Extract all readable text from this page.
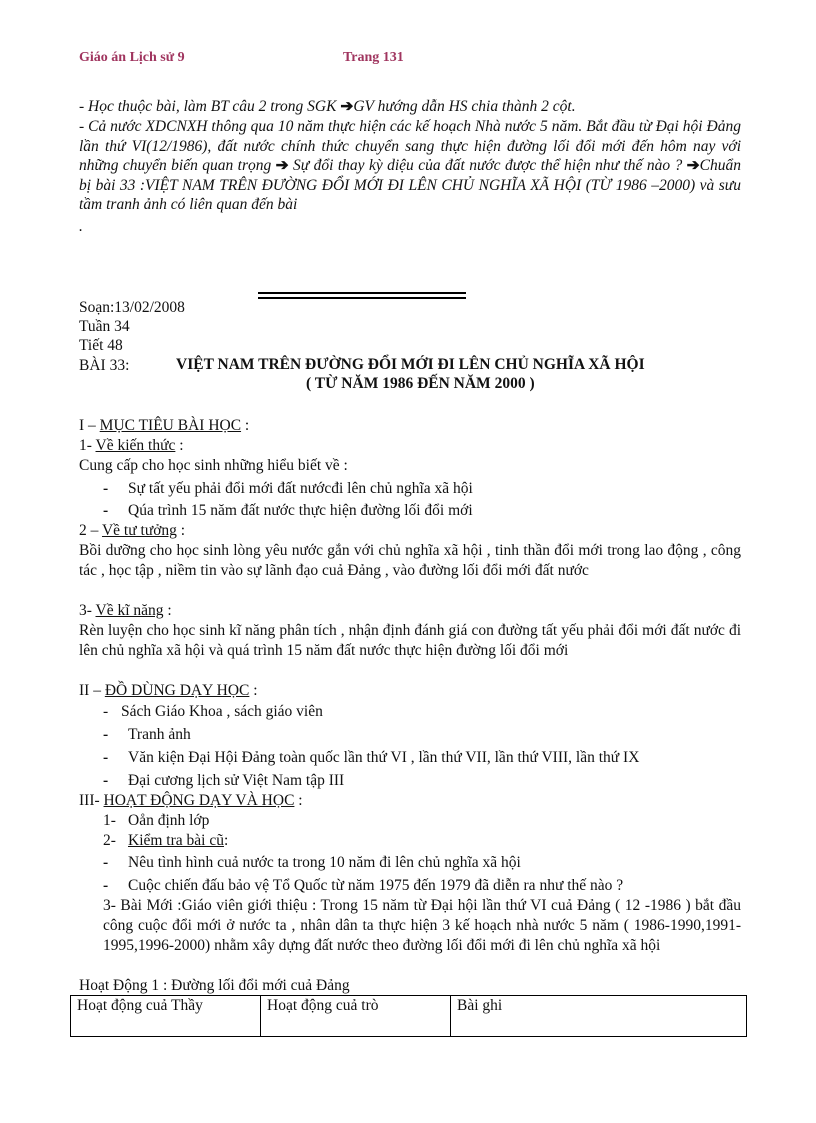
Giáo án Lịch sử 9	Trang 131
- Học thuộc bài, làm BT câu 2 trong SGK ➔GV hướng dẫn HS chia thành 2 cột.
- Cả nước XDCNXH thông qua 10 năm thực hiện các kế hoạch Nhà nước 5 năm. Bắt đầu từ Đại hội Đảng lần thứ VI(12/1986), đất nước chính thức chuyển sang thực hiện đường lối đổi mới đến hôm nay với những chuyển biến quan trọng ➔ Sự đổi thay kỳ diệu của đất nước được thể hiện như thế nào ? ➔Chuẩn bị bài 33 :VIỆT NAM TRÊN ĐƯỜNG ĐỔI MỚI ĐI LÊN CHỦ NGHĨA XÃ HỘI (TỪ 1986 –2000) và sưu tầm tranh ảnh có liên quan đến bài
.
Soạn:13/02/2008
Tuần 34
Tiết 48
BÀI 33:	VIỆT NAM TRÊN ĐƯỜNG ĐỔI MỚI ĐI LÊN CHỦ NGHĨA XÃ HỘI
( TỪ NĂM 1986 ĐẾN NĂM 2000 )
I – MỤC TIÊU BÀI HỌC :
1- Về kiến thức :
Cung cấp cho học sinh những hiểu biết về :
- Sự tất yếu phải đổi mới đất nướcđi lên chủ nghĩa xã hội
- Qúa trình 15 năm đất nước thực hiện đường lối đổi mới
2 – Về tư tưởng :
Bồi dưỡng cho học sinh lòng yêu nước gắn với chủ nghĩa xã hội , tinh thần đổi mới trong lao động , công tác , học tập , niềm tin vào sự lãnh đạo cuả Đảng , vào đường lối đổi mới đất nước
3- Về kĩ năng :
Rèn luyện cho học sinh kĩ năng phân tích , nhận định đánh giá con đường tất yếu phải đổi mới đất nước đi lên chủ nghĩa xã hội và quá trình 15 năm đất nước thực hiện đường lối đổi mới
II – ĐỒ DÙNG DẠY HỌC :
- Sách Giáo Khoa , sách giáo viên
- Tranh ảnh
- Văn kiện Đại Hội Đảng toàn quốc lần thứ VI , lần thứ VII, lần thứ VIII, lần thứ IX
- Đại cương lịch sử Việt Nam tập III
III- HOẠT ĐỘNG DẠY VÀ HỌC :
1- Oån định lớp
2- Kiểm tra bài cũ:
- Nêu tình hình cuả nước ta trong 10 năm đi lên chủ nghĩa xã hội
- Cuộc chiến đấu bảo vệ Tổ Quốc từ năm 1975 đến 1979 đã diễn ra như thế nào ?
3- Bài Mới :Giáo viên giới thiệu : Trong 15 năm từ Đại hội lần thứ VI cuả Đảng ( 12 -1986 ) bắt đầu công cuộc đổi mới ở nước ta , nhân dân ta thực hiện 3 kế hoạch nhà nước 5 năm ( 1986-1990,1991-1995,1996-2000) nhằm xây dựng đất nước theo đường lối đổi mới đi lên chủ nghĩa xã hội
Hoạt Động 1 : Đường lối đổi mới cuả Đảng
Hoạt động cuả Thầy	Hoạt động cuả trò	Bài ghi
